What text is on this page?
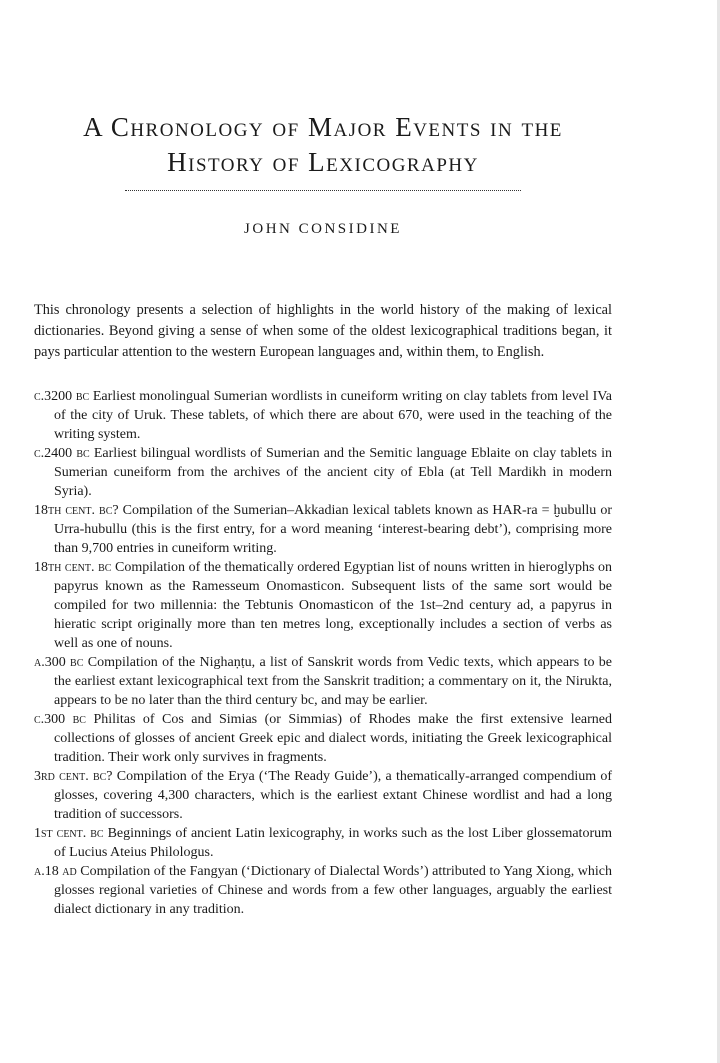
A Chronology of Major Events in the
History of Lexicography
JOHN CONSIDINE

This chronology presents a selection of highlights in the world history of the making of lexical dictionaries. Beyond giving a sense of when some of the oldest lexicographical traditions began, it pays particular attention to the western European languages and, within them, to English.

c.3200 bc Earliest monolingual Sumerian wordlists in cuneiform writing on clay tablets from level IVa of the city of Uruk. These tablets, of which there are about 670, were used in the teaching of the writing system.

c.2400 bc Earliest bilingual wordlists of Sumerian and the Semitic language Eblaite on clay tablets in Sumerian cuneiform from the archives of the ancient city of Ebla (at Tell Mardikh in modern Syria).

18th cent. bc? Compilation of the Sumerian–Akkadian lexical tablets known as HAR-ra = ḫubullu or Urra-hubullu (this is the first entry, for a word meaning ‘interest-bearing debt’), comprising more than 9,700 entries in cuneiform writing.

18th cent. bc Compilation of the thematically ordered Egyptian list of nouns written in hieroglyphs on papyrus known as the Ramesseum Onomasticon. Subsequent lists of the same sort would be compiled for two millennia: the Tebtunis Onomasticon of the 1st–2nd century ad, a papyrus in hieratic script originally more than ten metres long, exceptionally includes a section of verbs as well as one of nouns.

a.300 bc Compilation of the Nighaṇṭu, a list of Sanskrit words from Vedic texts, which appears to be the earliest extant lexicographical text from the Sanskrit tradition; a commentary on it, the Nirukta, appears to be no later than the third century bc, and may be earlier.

c.300 bc Philitas of Cos and Simias (or Simmias) of Rhodes make the first extensive learned collections of glosses of ancient Greek epic and dialect words, initiating the Greek lexicographical tradition. Their work only survives in fragments.

3rd cent. bc? Compilation of the Erya (‘The Ready Guide’), a thematically-arranged compendium of glosses, covering 4,300 characters, which is the earliest extant Chinese wordlist and had a long tradition of successors.

1st cent. bc Beginnings of ancient Latin lexicography, in works such as the lost Liber glossematorum of Lucius Ateius Philologus.

a.18 ad Compilation of the Fangyan (‘Dictionary of Dialectal Words’) attributed to Yang Xiong, which glosses regional varieties of Chinese and words from a few other languages, arguably the earliest dialect dictionary in any tradition.
